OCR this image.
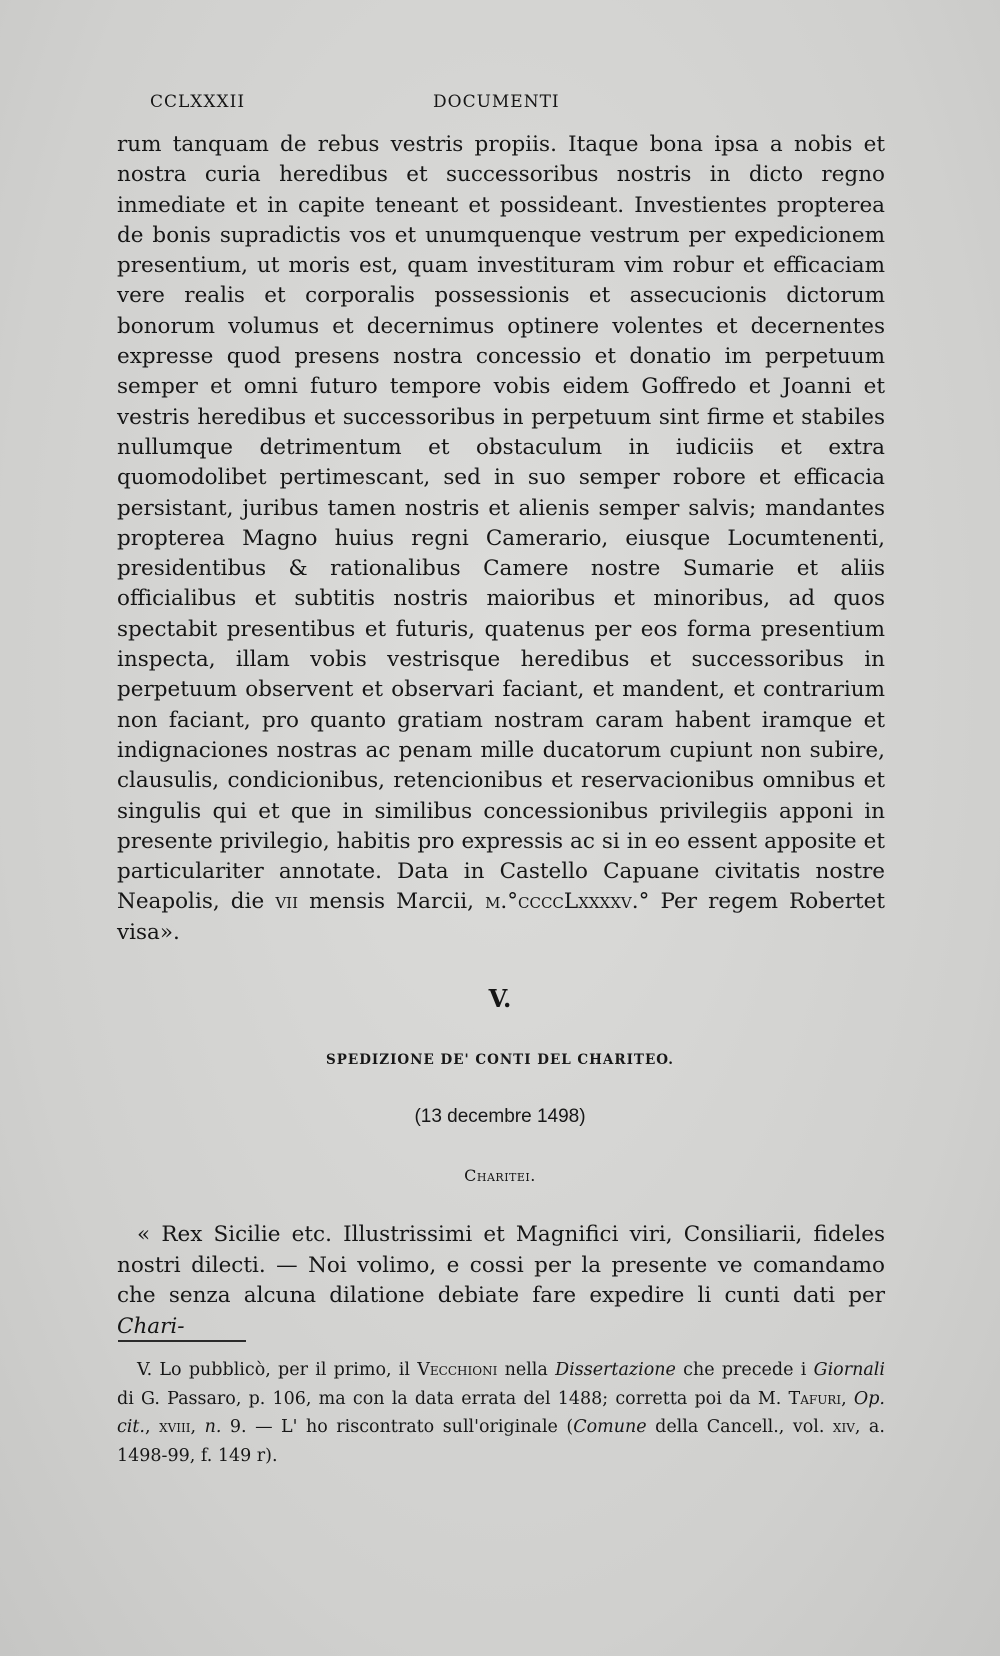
CCLXXXII	DOCUMENTI

rum tanquam de rebus vestris propiis. Itaque bona ipsa a nobis et nostra curia heredibus et successoribus nostris in dicto regno inmediate et in capite teneant et possideant. Investientes propterea de bonis supradictis vos et unumquenque vestrum per expedicionem presentium, ut moris est, quam investituram vim robur et efficaciam vere realis et corporalis possessionis et assecucionis dictorum bonorum volumus et decernimus optinere volentes et decernentes expresse quod presens nostra concessio et donatio im perpetuum semper et omni futuro tempore vobis eidem Goffredo et Joanni et vestris heredibus et successoribus in perpetuum sint firme et stabiles nullumque detrimentum et obstaculum in iudiciis et extra quomodolibet pertimescant, sed in suo semper robore et efficacia persistant, juribus tamen nostris et alienis semper salvis; mandantes propterea Magno huius regni Camerario, eiusque Locumtenenti, presidentibus & rationalibus Camere nostre Sumarie et aliis officialibus et subtitis nostris maioribus et minoribus, ad quos spectabit presentibus et futuris, quatenus per eos forma presentium inspecta, illam vobis vestrisque heredibus et successoribus in perpetuum observent et observari faciant, et mandent, et contrarium non faciant, pro quanto gratiam nostram caram habent iramque et indignaciones nostras ac penam mille ducatorum cupiunt non subire, clausulis, condicionibus, retencionibus et reservacionibus omnibus et singulis qui et que in similibus concessionibus privilegiis apponi in presente privilegio, habitis pro expressis ac si in eo essent apposite et particulariter annotate. Data in Castello Capuane civitatis nostre Neapolis, die vii mensis Marcii, m.°ccccLxxxxv.° Per regem Robertet visa».

V.
SPEDIZIONE DE' CONTI DEL CHARITEO.
(13 decembre 1498)
Charitei.

« Rex Sicilie etc. Illustrissimi et Magnifici viri, Consiliarii, fideles nostri dilecti. — Noi volimo, e cossi per la presente ve comandamo che senza alcuna dilatione debiate fare expedire li cunti dati per Chari-

V. Lo pubblicò, per il primo, il Vecchioni nella Dissertazione che precede i Giornali di G. Passaro, p. 106, ma con la data errata del 1488; corretta poi da M. Tafuri, Op. cit., xviii, n. 9. — L' ho riscontrato sull'originale (Comune della Cancell., vol. xiv, a. 1498-99, f. 149 r).
